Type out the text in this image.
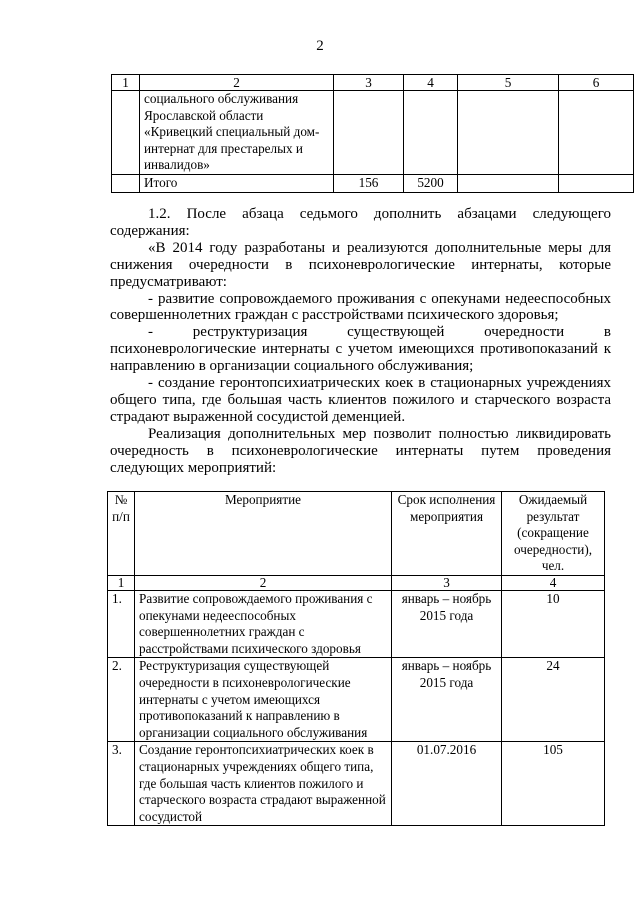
2
1	2	3	4	5	6
	социального обслуживания Ярославской области «Кривецкий специальный дом-интернат для престарелых и инвалидов»				
	Итого	156	5200		

1.2. После абзаца седьмого дополнить абзацами следующего содержания:

«В 2014 году разработаны и реализуются дополнительные меры для снижения очередности в психоневрологические интернаты, которые предусматривают:

- развитие сопровождаемого проживания с опекунами недееспособных совершеннолетних граждан с расстройствами психического здоровья;

- реструктуризация существующей очередности в психоневрологические интернаты с учетом имеющихся противопоказаний к направлению в организации социального обслуживания;

- создание геронтопсихиатрических коек в стационарных учреждениях общего типа, где большая часть клиентов пожилого и старческого возраста страдают выраженной сосудистой деменцией.

Реализация дополнительных мер позволит полностью ликвидировать очередность в психоневрологические интернаты путем проведения следующих мероприятий:

№ п/п	Мероприятие	Срок исполнения мероприятия	Ожидаемый результат (сокращение очередности), чел.
1	2	3	4
1.	Развитие сопровождаемого проживания с опекунами недееспособных совершеннолетних граждан с расстройствами психического здоровья	январь – ноябрь 2015 года	10
2.	Реструктуризация существующей очередности в психоневрологические интернаты с учетом имеющихся противопоказаний к направлению в организации социального обслуживания	январь – ноябрь 2015 года	24
3.	Создание геронтопсихиатрических коек в стационарных учреждениях общего типа, где большая часть клиентов пожилого и старческого возраста страдают выраженной сосудистой	01.07.2016	105
